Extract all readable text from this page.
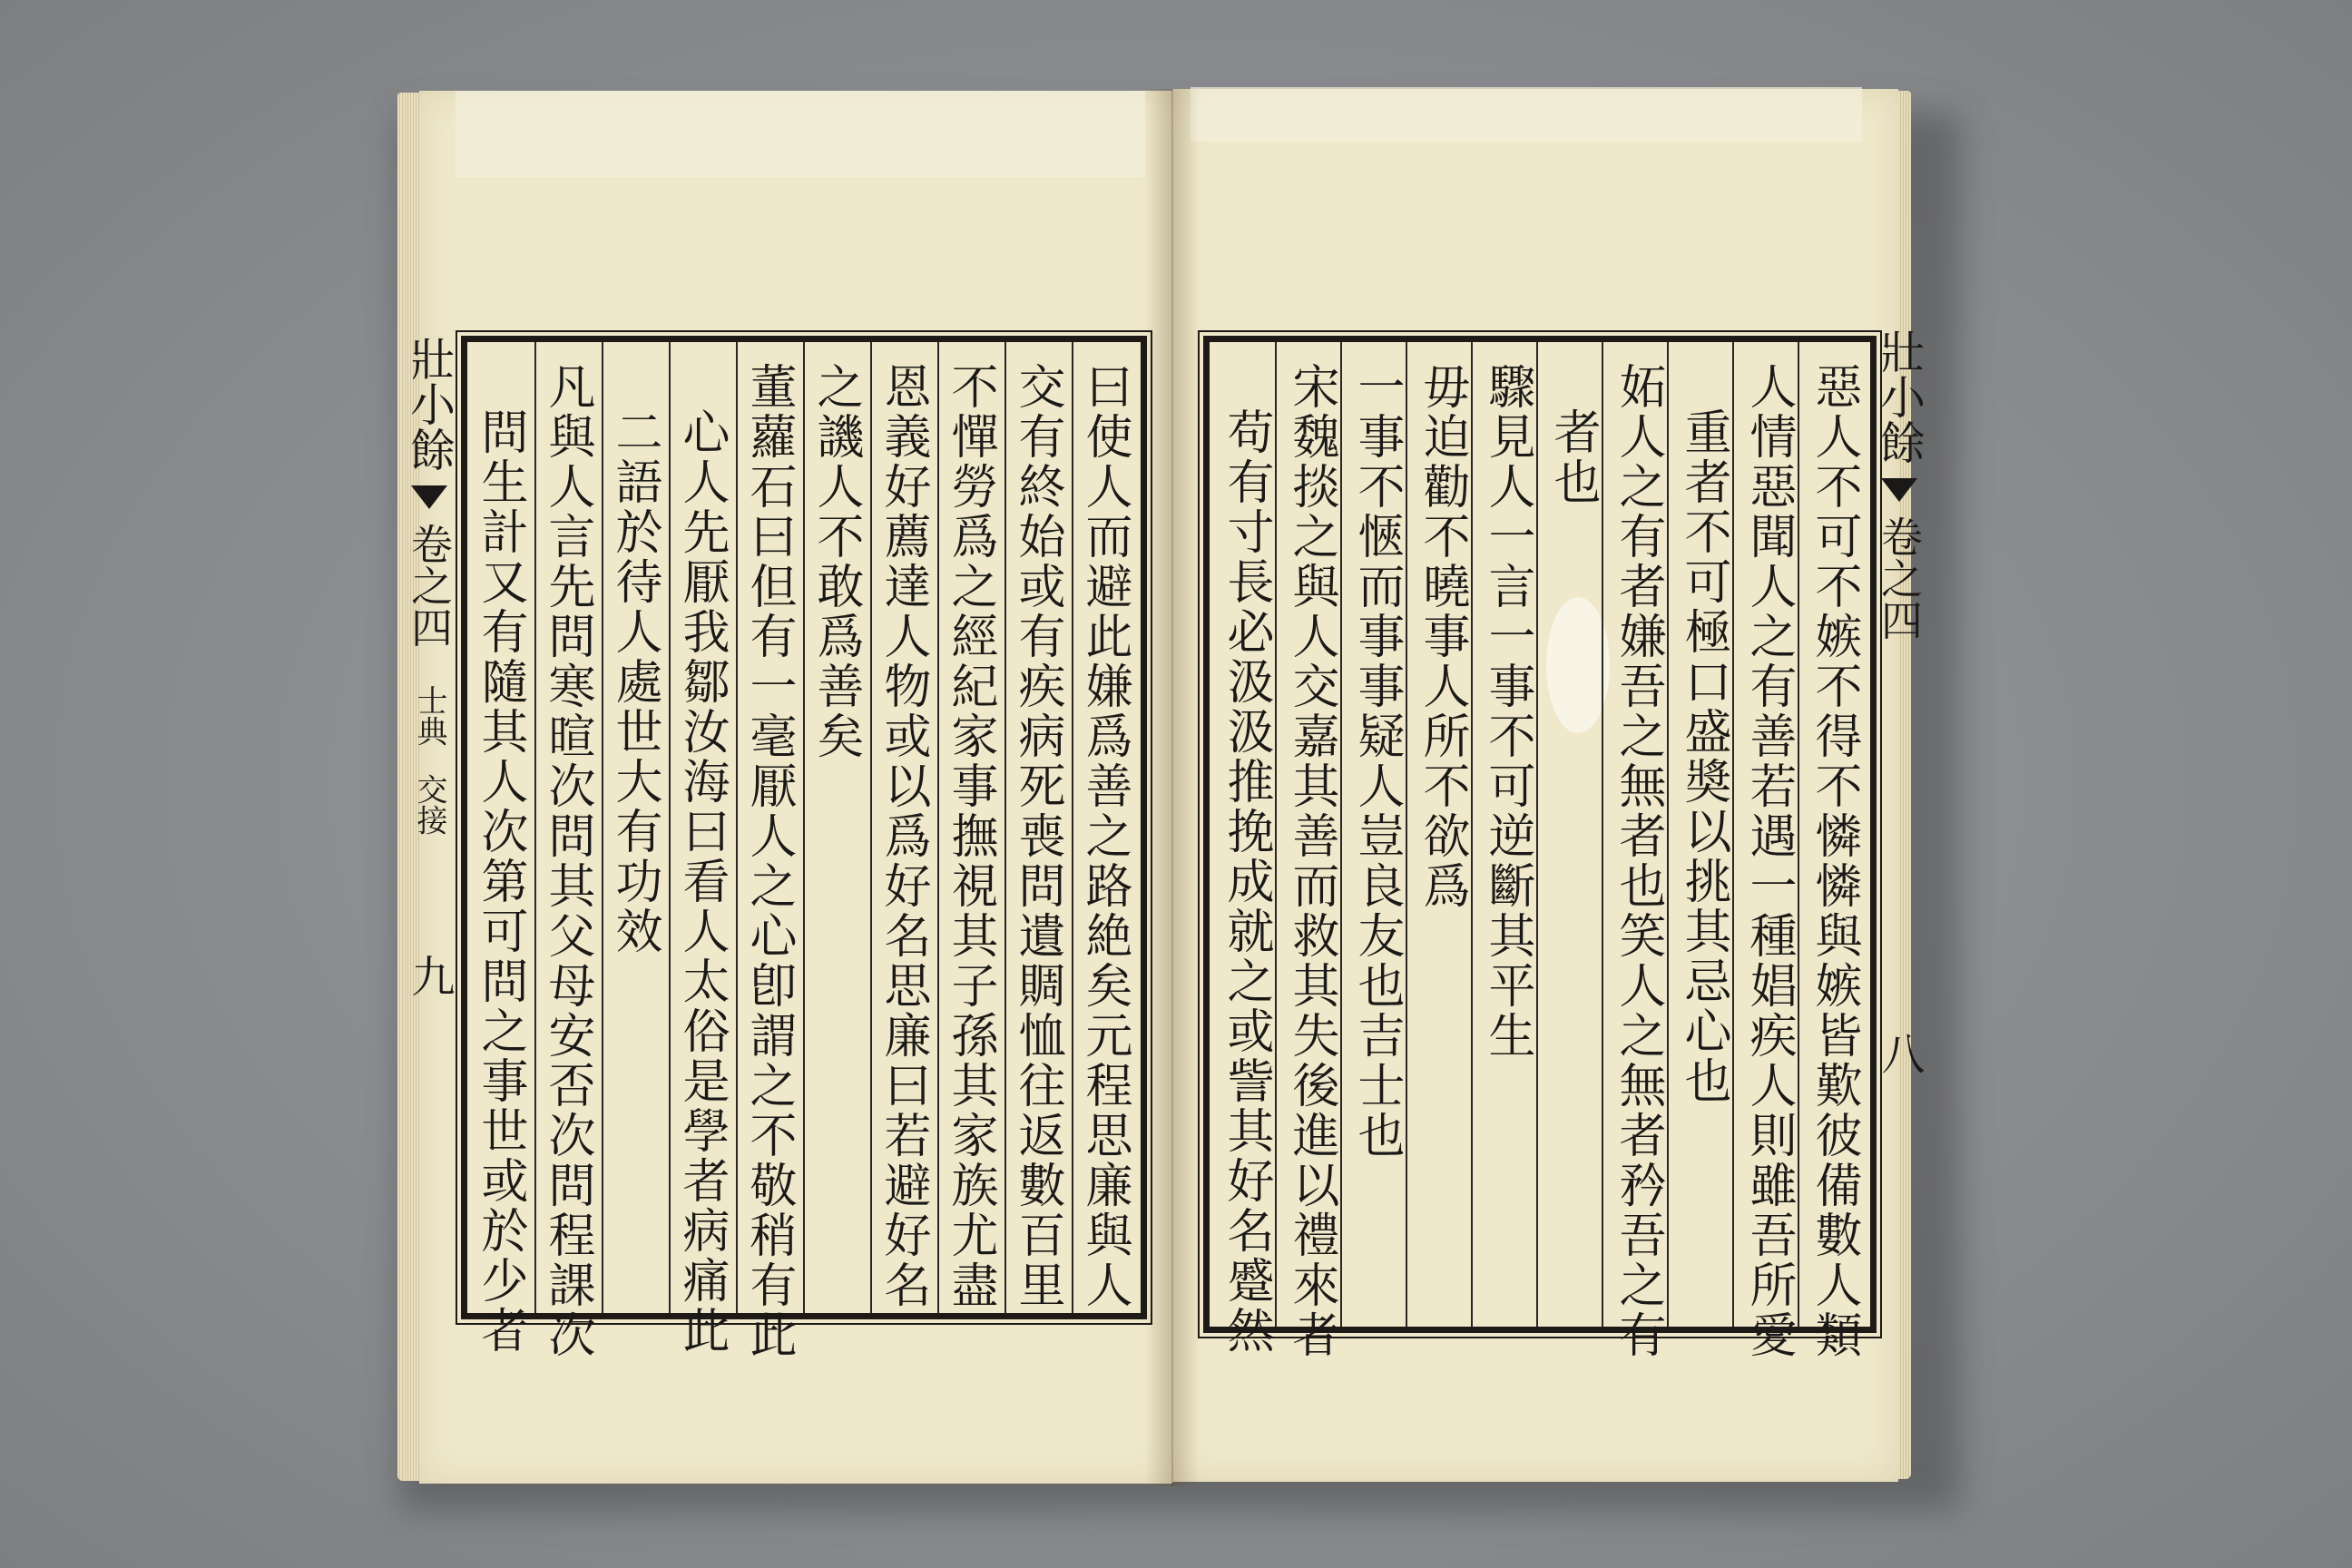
曰使人而避此嫌爲善之路絶矣元程思廉與人
交有終始或有疾病死喪問遺賙恤往返數百里
不憚勞爲之經紀家事撫視其子孫其家族尤盡
恩義好薦達人物或以爲好名思廉曰若避好名
之譏人不敢爲善矣
董蘿石曰但有一毫厭人之心卽謂之不敬稍有此
心人先厭我鄒汝海曰看人太俗是學者病痛此
二語於待人處世大有功效
凡與人言先問寒暄次問其父母安否次問程課次
問生計又有隨其人次第可問之事世或於少者
壯小餘  卷之四  士典  交接  九	惡人不可不嫉不得不憐憐與嫉皆歎彼備數人類
人情惡聞人之有善若遇一種娼疾人則雖吾所愛
重者不可極口盛奬以挑其忌心也
妬人之有者嫌吾之無者也笑人之無者矜吾之有
者也
驟見人一言一事不可逆斷其平生
毋迫勸不曉事人所不欲爲
一事不愜而事事疑人豈良友也吉士也
宋魏掞之與人交嘉其善而救其失後進以禮來者
苟有寸長必汲汲推挽成就之或訾其好名蹙然
壯小餘  卷之四  八
